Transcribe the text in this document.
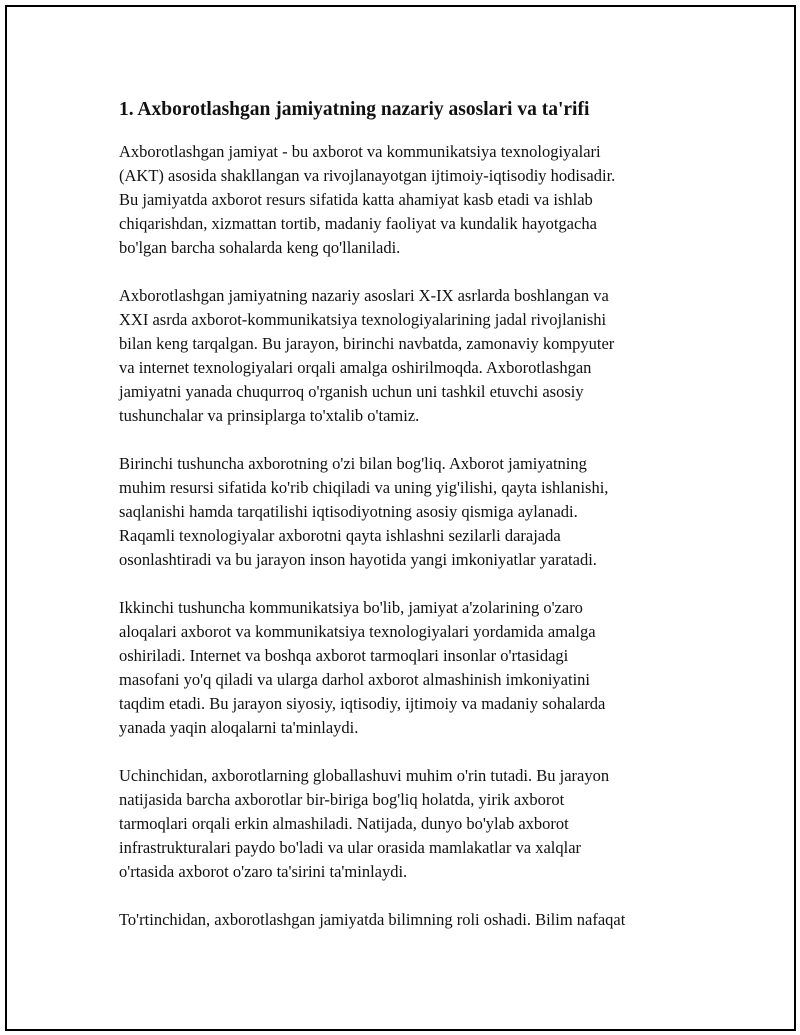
1. Axborotlashgan jamiyatning nazariy asoslari va ta'rifi

Axborotlashgan jamiyat - bu axborot va kommunikatsiya texnologiyalari
(AKT) asosida shakllangan va rivojlanayotgan ijtimoiy-iqtisodiy hodisadir.
Bu jamiyatda axborot resurs sifatida katta ahamiyat kasb etadi va ishlab
chiqarishdan, xizmattan tortib, madaniy faoliyat va kundalik hayotgacha
bo'lgan barcha sohalarda keng qo'llaniladi.

Axborotlashgan jamiyatning nazariy asoslari X-IX asrlarda boshlangan va
XXI asrda axborot-kommunikatsiya texnologiyalarining jadal rivojlanishi
bilan keng tarqalgan. Bu jarayon, birinchi navbatda, zamonaviy kompyuter
va internet texnologiyalari orqali amalga oshirilmoqda. Axborotlashgan
jamiyatni yanada chuqurroq o'rganish uchun uni tashkil etuvchi asosiy
tushunchalar va prinsiplarga to'xtalib o'tamiz.

Birinchi tushuncha axborotning o'zi bilan bog'liq. Axborot jamiyatning
muhim resursi sifatida ko'rib chiqiladi va uning yig'ilishi, qayta ishlanishi,
saqlanishi hamda tarqatilishi iqtisodiyotning asosiy qismiga aylanadi.
Raqamli texnologiyalar axborotni qayta ishlashni sezilarli darajada
osonlashtiradi va bu jarayon inson hayotida yangi imkoniyatlar yaratadi.

Ikkinchi tushuncha kommunikatsiya bo'lib, jamiyat a'zolarining o'zaro
aloqalari axborot va kommunikatsiya texnologiyalari yordamida amalga
oshiriladi. Internet va boshqa axborot tarmoqlari insonlar o'rtasidagi
masofani yo'q qiladi va ularga darhol axborot almashinish imkoniyatini
taqdim etadi. Bu jarayon siyosiy, iqtisodiy, ijtimoiy va madaniy sohalarda
yanada yaqin aloqalarni ta'minlaydi.

Uchinchidan, axborotlarning globallashuvi muhim o'rin tutadi. Bu jarayon
natijasida barcha axborotlar bir-biriga bog'liq holatda, yirik axborot
tarmoqlari orqali erkin almashiladi. Natijada, dunyo bo'ylab axborot
infrastrukturalari paydo bo'ladi va ular orasida mamlakatlar va xalqlar
o'rtasida axborot o'zaro ta'sirini ta'minlaydi.

To'rtinchidan, axborotlashgan jamiyatda bilimning roli oshadi. Bilim nafaqat
